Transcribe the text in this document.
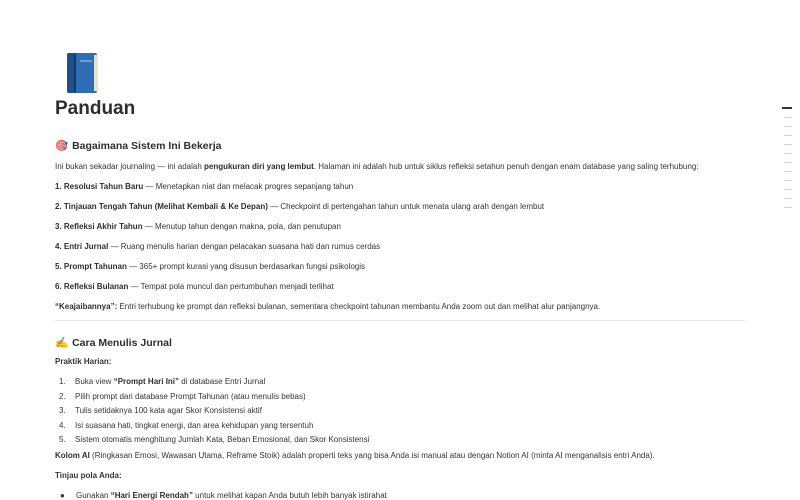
Panduan
🎯 Bagaimana Sistem Ini Bekerja

Ini bukan sekadar journaling — ini adalah pengukuran diri yang lembut. Halaman ini adalah hub untuk siklus refleksi setahun penuh dengan enam database yang saling terhubung:

1. Resolusi Tahun Baru — Menetapkan niat dan melacak progres sepanjang tahun

2. Tinjauan Tengah Tahun (Melihat Kembali & Ke Depan) — Checkpoint di pertengahan tahun untuk menata ulang arah dengan lembut

3. Refleksi Akhir Tahun — Menutup tahun dengan makna, pola, dan penutupan

4. Entri Jurnal — Ruang menulis harian dengan pelacakan suasana hati dan rumus cerdas

5. Prompt Tahunan — 365+ prompt kurasi yang disusun berdasarkan fungsi psikologis

6. Refleksi Bulanan — Tempat pola muncul dan pertumbuhan menjadi terlihat

“Keajaibannya”: Entri terhubung ke prompt dan refleksi bulanan, sementara checkpoint tahunan membantu Anda zoom out dan melihat alur panjangnya.

✍️ Cara Menulis Jurnal

Praktik Harian:

1.	Buka view “Prompt Hari Ini” di database Entri Jurnal
2.	Pilih prompt dari database Prompt Tahunan (atau menulis bebas)
3.	Tulis setidaknya 100 kata agar Skor Konsistensi aktif
4.	Isi suasana hati, tingkat energi, dan area kehidupan yang tersentuh
5.	Sistem otomatis menghitung Jumlah Kata, Beban Emosional, dan Skor Konsistensi

Kolom AI (Ringkasan Emosi, Wawasan Utama, Reframe Stoik) adalah properti teks yang bisa Anda isi manual atau dengan Notion AI (minta AI menganalisis entri Anda).

Tinjau pola Anda:

●	Gunakan “Hari Energi Rendah” untuk melihat kapan Anda butuh lebih banyak istirahat
